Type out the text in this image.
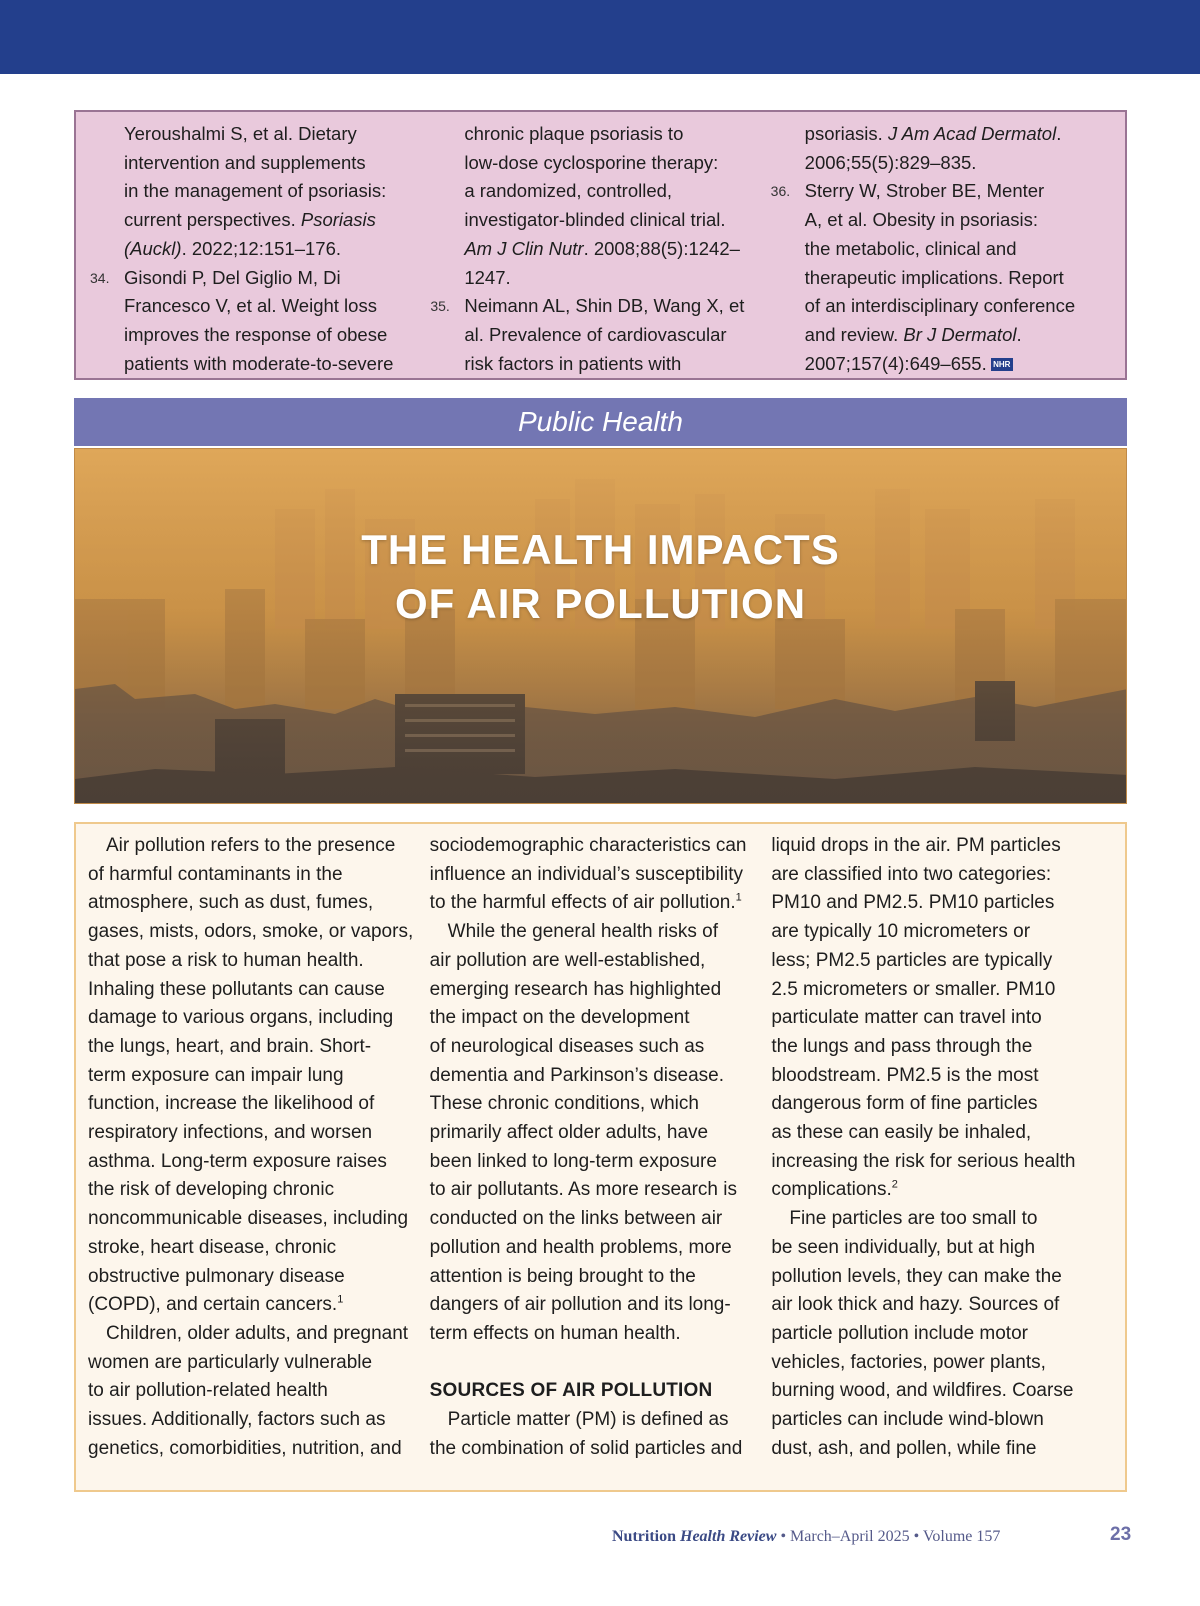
Yeroushalmi S, et al. Dietary
intervention and supplements
in the management of psoriasis:
current perspectives. Psoriasis
(Auckl). 2022;12:151–176.
34. Gisondi P, Del Giglio M, Di
Francesco V, et al. Weight loss
improves the response of obese
patients with moderate-to-severe
chronic plaque psoriasis to
low-dose cyclosporine therapy:
a randomized, controlled,
investigator-blinded clinical trial.
Am J Clin Nutr. 2008;88(5):1242–
1247.
35. Neimann AL, Shin DB, Wang X, et
al. Prevalence of cardiovascular
risk factors in patients with
psoriasis. J Am Acad Dermatol.
2006;55(5):829–835.
36. Sterry W, Strober BE, Menter
A, et al. Obesity in psoriasis:
the metabolic, clinical and
therapeutic implications. Report
of an interdisciplinary conference
and review. Br J Dermatol.
2007;157(4):649–655. NHR
Public Health
THE HEALTH IMPACTS
OF AIR POLLUTION
Air pollution refers to the presence
of harmful contaminants in the
atmosphere, such as dust, fumes,
gases, mists, odors, smoke, or vapors,
that pose a risk to human health.
Inhaling these pollutants can cause
damage to various organs, including
the lungs, heart, and brain. Short-
term exposure can impair lung
function, increase the likelihood of
respiratory infections, and worsen
asthma. Long-term exposure raises
the risk of developing chronic
noncommunicable diseases, including
stroke, heart disease, chronic
obstructive pulmonary disease
(COPD), and certain cancers.$^1$
Children, older adults, and pregnant
women are particularly vulnerable
to air pollution-related health
issues. Additionally, factors such as
genetics, comorbidities, nutrition, and
sociodemographic characteristics can
influence an individual’s susceptibility
to the harmful effects of air pollution.$^1$
While the general health risks of
air pollution are well-established,
emerging research has highlighted
the impact on the development
of neurological diseases such as
dementia and Parkinson’s disease.
These chronic conditions, which
primarily affect older adults, have
been linked to long-term exposure
to air pollutants. As more research is
conducted on the links between air
pollution and health problems, more
attention is being brought to the
dangers of air pollution and its long-
term effects on human health.
SOURCES OF AIR POLLUTION
Particle matter (PM) is defined as
the combination of solid particles and
liquid drops in the air. PM particles
are classified into two categories:
PM10 and PM2.5. PM10 particles
are typically 10 micrometers or
less; PM2.5 particles are typically
2.5 micrometers or smaller. PM10
particulate matter can travel into
the lungs and pass through the
bloodstream. PM2.5 is the most
dangerous form of fine particles
as these can easily be inhaled,
increasing the risk for serious health
complications.$^2$
Fine particles are too small to
be seen individually, but at high
pollution levels, they can make the
air look thick and hazy. Sources of
particle pollution include motor
vehicles, factories, power plants,
burning wood, and wildfires. Coarse
particles can include wind-blown
dust, ash, and pollen, while fine
Nutrition Health Review • March–April 2025 • Volume 157	23
